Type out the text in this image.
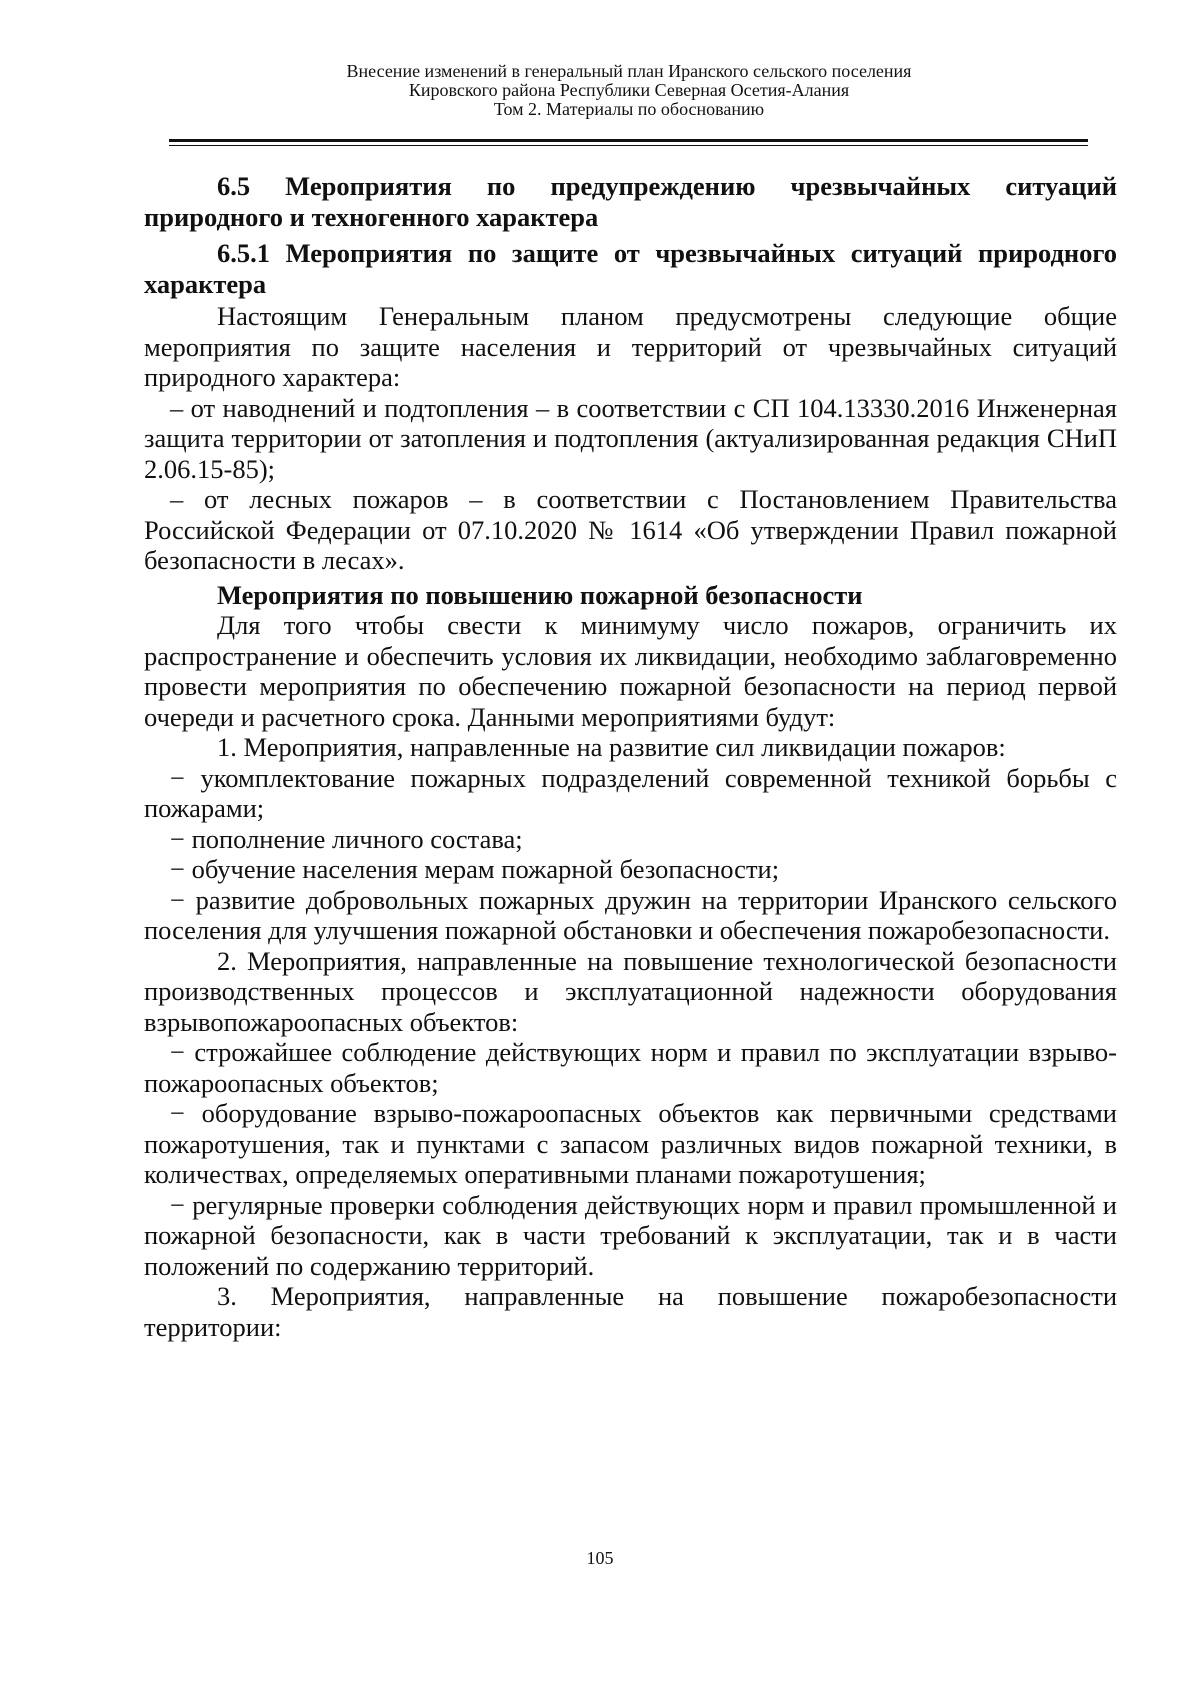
Внесение изменений в генеральный план Иранского сельского поселения
Кировского района Республики Северная Осетия-Алания
Том 2. Материалы по обоснованию

6.5 Мероприятия по предупреждению чрезвычайных ситуаций природного и техногенного характера

6.5.1 Мероприятия по защите от чрезвычайных ситуаций природного характера

Настоящим Генеральным планом предусмотрены следующие общие мероприятия по защите населения и территорий от чрезвычайных ситуаций природного характера:

– от наводнений и подтопления – в соответствии с СП 104.13330.2016 Инженерная защита территории от затопления и подтопления (актуализированная редакция СНиП 2.06.15-85);

– от лесных пожаров – в соответствии с Постановлением Правительства Российской Федерации от 07.10.2020 № 1614 «Об утверждении Правил пожарной безопасности в лесах».

Мероприятия по повышению пожарной безопасности

Для того чтобы свести к минимуму число пожаров, ограничить их распространение и обеспечить условия их ликвидации, необходимо заблаговременно провести мероприятия по обеспечению пожарной безопасности на период первой очереди и расчетного срока. Данными мероприятиями будут:

1. Мероприятия, направленные на развитие сил ликвидации пожаров:

− укомплектование пожарных подразделений современной техникой борьбы с пожарами;

− пополнение личного состава;

− обучение населения мерам пожарной безопасности;

− развитие добровольных пожарных дружин на территории Иранского сельского поселения для улучшения пожарной обстановки и обеспечения пожаробезопасности.

2. Мероприятия, направленные на повышение технологической безопасности производственных процессов и эксплуатационной надежности оборудования взрывопожароопасных объектов:

− строжайшее соблюдение действующих норм и правил по эксплуатации взрыво-пожароопасных объектов;

− оборудование взрыво-пожароопасных объектов как первичными средствами пожаротушения, так и пунктами с запасом различных видов пожарной техники, в количествах, определяемых оперативными планами пожаротушения;

− регулярные проверки соблюдения действующих норм и правил промышленной и пожарной безопасности, как в части требований к эксплуатации, так и в части положений по содержанию территорий.

3. Мероприятия, направленные на повышение пожаробезопасности территории:

105
